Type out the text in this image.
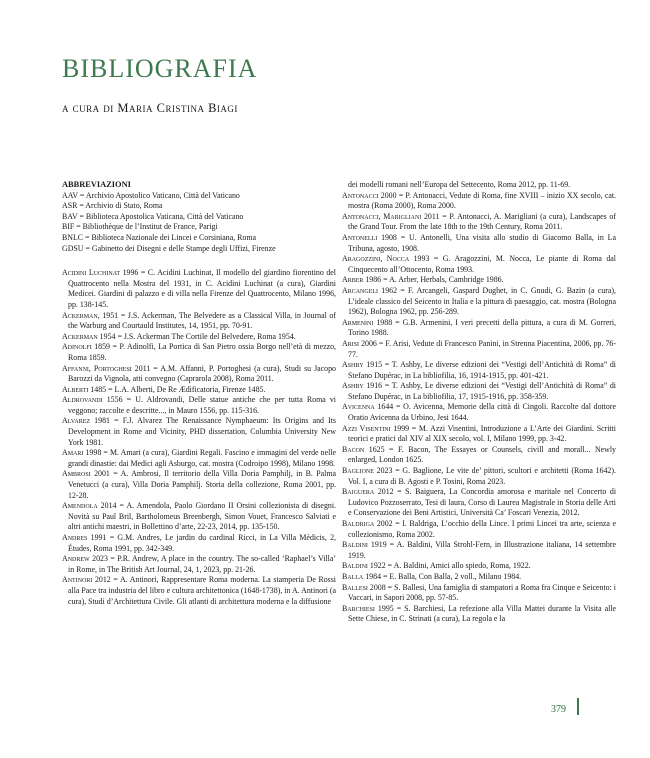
BIBLIOGRAFIA
a cura di Maria Cristina Biagi

ABBREVIAZIONI

AAV = Archivio Apostolico Vaticano, Città del Vaticano

ASR = Archivio di Stato, Roma

BAV = Biblioteca Apostolica Vaticana, Città del Vaticano

BIF = Bibliothèque de l’Institut de France, Parigi

BNLC = Biblioteca Nazionale dei Lincei e Corsiniana, Roma

GDSU = Gabinetto dei Disegni e delle Stampe degli Uffizi, Firenze

Acidini Luchinat 1996 = C. Acidini Luchinat, Il modello del giardino fiorentino del Quattrocento nella Mostra del 1931, in C. Acidini Luchinat (a cura), Giardini Medicei. Giardini di palazzo e di villa nella Firenze del Quattrocento, Milano 1996, pp. 138-145.

Ackerman, 1951 = J.S. Ackerman, The Belvedere as a Classical Villa, in Journal of the Warburg and Courtauld Institutes, 14, 1951, pp. 70-91.

Ackerman 1954 = J.S. Ackerman The Cortile del Belvedere, Roma 1954.

Adinolfi 1859 = P. Adinolfi, La Portica di San Pietro ossia Borgo nell’età di mezzo, Roma 1859.

Affanni, Portoghesi 2011 = A.M. Affanni, P. Portoghesi (a cura), Studi su Jacopo Barozzi da Vignola, atti convegno (Caprarola 2008), Roma 2011.

Alberti 1485 = L.A. Alberti, De Re Ædificatoria, Firenze 1485.

Aldrovandi 1556 = U. Aldrovandi, Delle statue antiche che per tutta Roma vi veggono; raccolte e descritte..., in Mauro 1556, pp. 115-316.

Alvarez 1981 = F.J. Alvarez The Renaissance Nymphaeum: Its Origins and Its Development in Rome and Vicinity, PHD dissertation, Columbia University New York 1981.

Amari 1998 = M. Amari (a cura), Giardini Regali. Fascino e immagini del verde nelle grandi dinastie: dai Medici agli Asburgo, cat. mostra (Codroipo 1998), Milano 1998.

Ambrosi 2001 = A. Ambrosi, Il territorio della Villa Doria Pamphilj, in B. Palma Venetucci (a cura), Villa Doria Pamphilj. Storia della collezione, Roma 2001, pp. 12-28.

Amendola 2014 = A. Amendola, Paolo Giordano II Orsini collezionista di disegni. Novità su Paul Bril, Bartholomeus Breenbergh, Simon Vouet, Francesco Salviati e altri antichi maestri, in Bollettino d’arte, 22-23, 2014, pp. 135-150.

Andres 1991 = G.M. Andres, Le jardin du cardinal Ricci, in La Villa Médicis, 2, Études, Roma 1991, pp. 342-349.

Andrew 2023 = P.R. Andrew, A place in the country. The so-called ‘Raphael’s Villa’ in Rome, in The British Art Journal, 24, 1, 2023, pp. 21-26.

Antinori 2012 = A. Antinori, Rappresentare Roma moderna. La stamperia De Rossi alla Pace tra industria del libro e cultura architettonica (1648-1738), in A. Antinori (a cura), Studi d’Architettura Civile. Gli atlanti di architettura moderna e la diffusione

dei modelli romani nell’Europa del Settecento, Roma 2012, pp. 11-69.

Antonacci 2000 = P. Antonacci, Vedute di Roma, fine XVIII – inizio XX secolo, cat. mostra (Roma 2000), Roma 2000.

Antonacci, Marigliani 2011 = P. Antonacci, A. Marigliani (a cura), Landscapes of the Grand Tour. From the late 18th to the 19th Century, Roma 2011.

Antonelli 1908 = U. Antonelli, Una visita allo studio di Giacomo Balla, in La Tribuna, agosto, 1908.

Aragozzini, Nocca 1993 = G. Aragozzini, M. Nocca, Le piante di Roma dal Cinquecento all’Ottocento, Roma 1993.

Arber 1986 = A. Arber, Herbals, Cambridge 1986.

Arcangeli 1962 = F. Arcangeli, Gaspard Dughet, in C. Gnudi, G. Bazin (a cura), L’ideale classico del Seicento in Italia e la pittura di paesaggio, cat. mostra (Bologna 1962), Bologna 1962, pp. 256-289.

Armenini 1988 = G.B. Armenini, I veri precetti della pittura, a cura di M. Gorreri, Torino 1988.

Arisi 2006 = F. Arisi, Vedute di Francesco Panini, in Strenna Piacentina, 2006, pp. 76-77.

Ashby 1915 = T. Ashby, Le diverse edizioni dei “Vestigi dell’Antichità di Roma” di Stefano Dupérac, in La bibliofilia, 16, 1914-1915, pp. 401-421.

Ashby 1916 = T. Ashby, Le diverse edizioni dei “Vestigi dell’Antichità di Roma” di Stefano Dupérac, in La bibliofilia, 17, 1915-1916, pp. 358-359.

Avicenna 1644 = O. Avicenna, Memorie della città di Cingoli. Raccolte dal dottore Oratio Avicenna da Urbino, Jesi 1644.

Azzi Visentini 1999 = M. Azzi Visentini, Introduzione a L’Arte dei Giardini. Scritti teorici e pratici dal XIV al XIX secolo, vol. I, Milano 1999, pp. 3-42.

Bacon 1625 = F. Bacon, The Essayes or Counsels, civill and morall... Newly enlarged, London 1625.

Baglione 2023 = G. Baglione, Le vite de’ pittori, scultori e architetti (Roma 1642). Vol. I, a cura di B. Agosti e P. Tosini, Roma 2023.

Baiguera 2012 = S. Baiguera, La Concordia amorosa e maritale nel Concerto di Ludovico Pozzoserrato, Tesi di laura, Corso di Laurea Magistrale in Storia delle Arti e Conservazione dei Beni Artistici, Università Ca’ Foscari Venezia, 2012.

Baldriga 2002 = I. Baldriga, L’occhio della Lince. I primi Lincei tra arte, scienza e collezionismo, Roma 2002.

Baldini 1919 = A. Baldini, Villa Strohl-Fern, in Illustrazione italiana, 14 settembre 1919.

Baldini 1922 = A. Baldini, Amici allo spiedo, Roma, 1922.

Balla 1984 = E. Balla, Con Balla, 2 voll., Milano 1984.

Ballesi 2008 = S. Ballesi, Una famiglia di stampatori a Roma fra Cinque e Seicento: i Vaccari, in Sapori 2008, pp. 57-85.

Barchiesi 1995 = S. Barchiesi, La refezione alla Villa Mattei durante la Visita alle Sette Chiese, in C. Strinati (a cura), La regola e la

379
